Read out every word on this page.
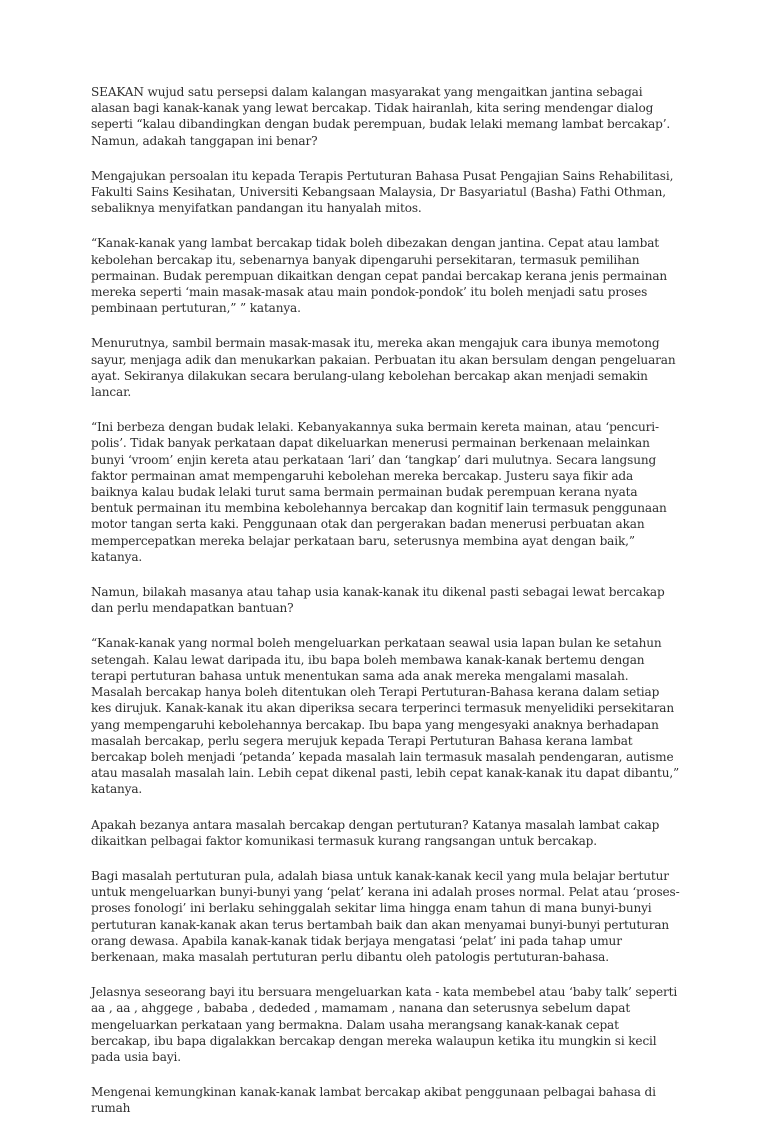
SEAKAN wujud satu persepsi dalam kalangan masyarakat yang mengaitkan jantina sebagai alasan bagi kanak-kanak yang lewat bercakap. Tidak hairanlah, kita sering mendengar dialog seperti “kalau dibandingkan dengan budak perempuan, budak lelaki memang lambat bercakap’. Namun, adakah tanggapan ini benar?

Mengajukan persoalan itu kepada Terapis Pertuturan Bahasa Pusat Pengajian Sains Rehabilitasi, Fakulti Sains Kesihatan, Universiti Kebangsaan Malaysia, Dr Basyariatul (Basha) Fathi Othman, sebaliknya menyifatkan pandangan itu hanyalah mitos.

“Kanak-kanak yang lambat bercakap tidak boleh dibezakan dengan jantina. Cepat atau lambat kebolehan bercakap itu, sebenarnya banyak dipengaruhi persekitaran, termasuk pemilihan permainan. Budak perempuan dikaitkan dengan cepat pandai bercakap kerana jenis permainan mereka seperti ‘main masak-masak atau main pondok-pondok’ itu boleh menjadi satu proses pembinaan pertuturan,” ” katanya.

Menurutnya, sambil bermain masak-masak itu, mereka akan mengajuk cara ibunya memotong sayur, menjaga adik dan menukarkan pakaian. Perbuatan itu akan bersulam dengan pengeluaran ayat. Sekiranya dilakukan secara berulang-ulang kebolehan bercakap akan menjadi semakin lancar.

“Ini berbeza dengan budak lelaki. Kebanyakannya suka bermain kereta mainan, atau ‘pencuri-polis’. Tidak banyak perkataan dapat dikeluarkan menerusi permainan berkenaan melainkan bunyi ‘vroom’ enjin kereta atau perkataan ‘lari’ dan ‘tangkap’ dari mulutnya. Secara langsung faktor permainan amat mempengaruhi kebolehan mereka bercakap. Justeru saya fikir ada baiknya kalau budak lelaki turut sama bermain permainan budak perempuan kerana nyata bentuk permainan itu membina kebolehannya bercakap dan kognitif lain termasuk penggunaan motor tangan serta kaki. Penggunaan otak dan pergerakan badan menerusi perbuatan akan mempercepatkan mereka belajar perkataan baru, seterusnya membina ayat dengan baik,” katanya.

Namun, bilakah masanya atau tahap usia kanak-kanak itu dikenal pasti sebagai lewat bercakap dan perlu mendapatkan bantuan?

“Kanak-kanak yang normal boleh mengeluarkan perkataan seawal usia lapan bulan ke setahun setengah. Kalau lewat daripada itu, ibu bapa boleh membawa kanak-kanak bertemu dengan terapi pertuturan bahasa untuk menentukan sama ada anak mereka mengalami masalah. Masalah bercakap hanya boleh ditentukan oleh Terapi Pertuturan-Bahasa kerana dalam setiap kes dirujuk. Kanak-kanak itu akan diperiksa secara terperinci termasuk menyelidiki persekitaran yang mempengaruhi kebolehannya bercakap. Ibu bapa yang mengesyaki anaknya berhadapan masalah bercakap, perlu segera merujuk kepada Terapi Pertuturan Bahasa kerana lambat bercakap boleh menjadi ‘petanda’ kepada masalah lain termasuk masalah pendengaran, autisme atau masalah masalah lain. Lebih cepat dikenal pasti, lebih cepat kanak-kanak itu dapat dibantu,” katanya.

Apakah bezanya antara masalah bercakap dengan pertuturan? Katanya masalah lambat cakap dikaitkan pelbagai faktor komunikasi termasuk kurang rangsangan untuk bercakap.

Bagi masalah pertuturan pula, adalah biasa untuk kanak-kanak kecil yang mula belajar bertutur untuk mengeluarkan bunyi-bunyi yang ‘pelat’ kerana ini adalah proses normal. Pelat atau ‘proses-proses fonologi’ ini berlaku sehinggalah sekitar lima hingga enam tahun di mana bunyi-bunyi pertuturan kanak-kanak akan terus bertambah baik dan akan menyamai bunyi-bunyi pertuturan orang dewasa. Apabila kanak-kanak tidak berjaya mengatasi ‘pelat’ ini pada tahap umur berkenaan, maka masalah pertuturan perlu dibantu oleh patologis pertuturan-bahasa.

Jelasnya seseorang bayi itu bersuara mengeluarkan kata - kata membebel atau ‘baby talk’ seperti aa , aa , ahggege , bababa , dededed , mamamam , nanana dan seterusnya sebelum dapat mengeluarkan perkataan yang bermakna. Dalam usaha merangsang kanak-kanak cepat bercakap, ibu bapa digalakkan bercakap dengan mereka walaupun ketika itu mungkin si kecil pada usia bayi.

Mengenai kemungkinan kanak-kanak lambat bercakap akibat penggunaan pelbagai bahasa di rumah
